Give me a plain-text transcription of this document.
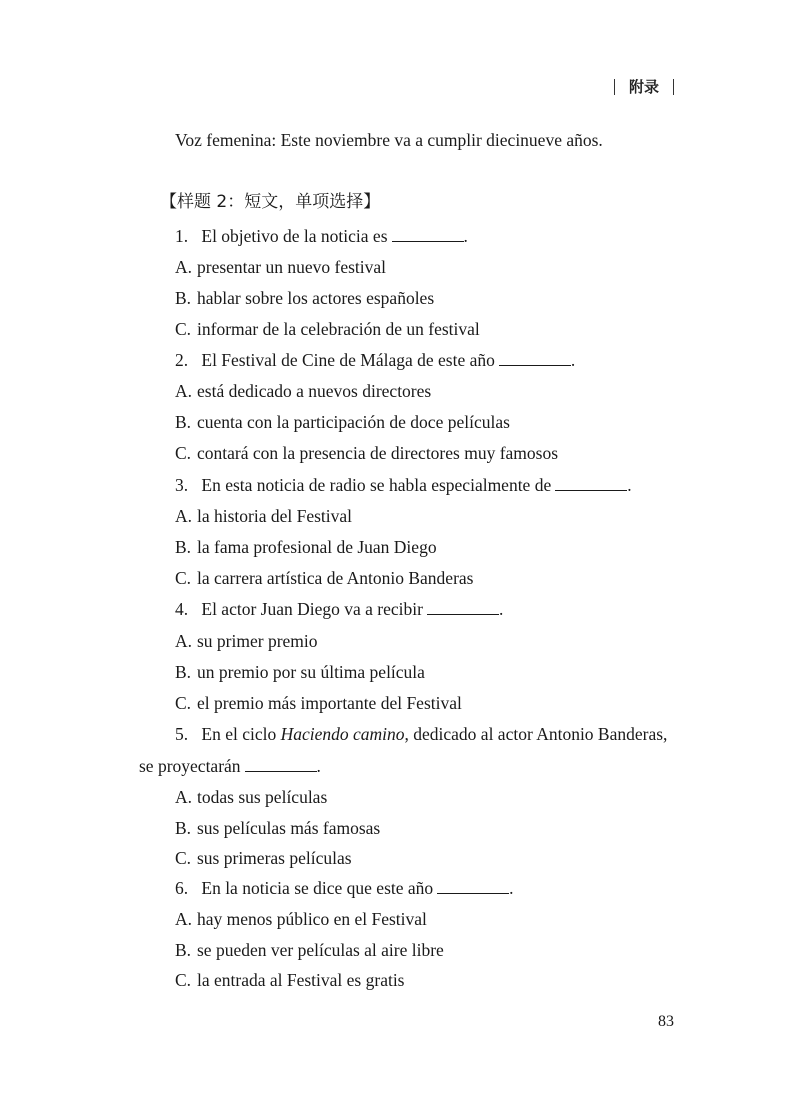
附录
Voz femenina: Este noviembre va a cumplir diecinueve años.
【样题 2：短文，单项选择】
1. El objetivo de la noticia es	.
A. presentar un nuevo festival
B. hablar sobre los actores españoles
C. informar de la celebración de un festival
2. El Festival de Cine de Málaga de este año	.
A. está dedicado a nuevos directores
B. cuenta con la participación de doce películas
C. contará con la presencia de directores muy famosos
3. En esta noticia de radio se habla especialmente de	.
A. la historia del Festival
B. la fama profesional de Juan Diego
C. la carrera artística de Antonio Banderas
4. El actor Juan Diego va a recibir	.
A. su primer premio
B. un premio por su última película
C. el premio más importante del Festival
5. En el ciclo Haciendo camino, dedicado al actor Antonio Banderas,
se proyectarán	.
A. todas sus películas
B. sus películas más famosas
C. sus primeras películas
6. En la noticia se dice que este año	.
A. hay menos público en el Festival
B. se pueden ver películas al aire libre
C. la entrada al Festival es gratis
83
